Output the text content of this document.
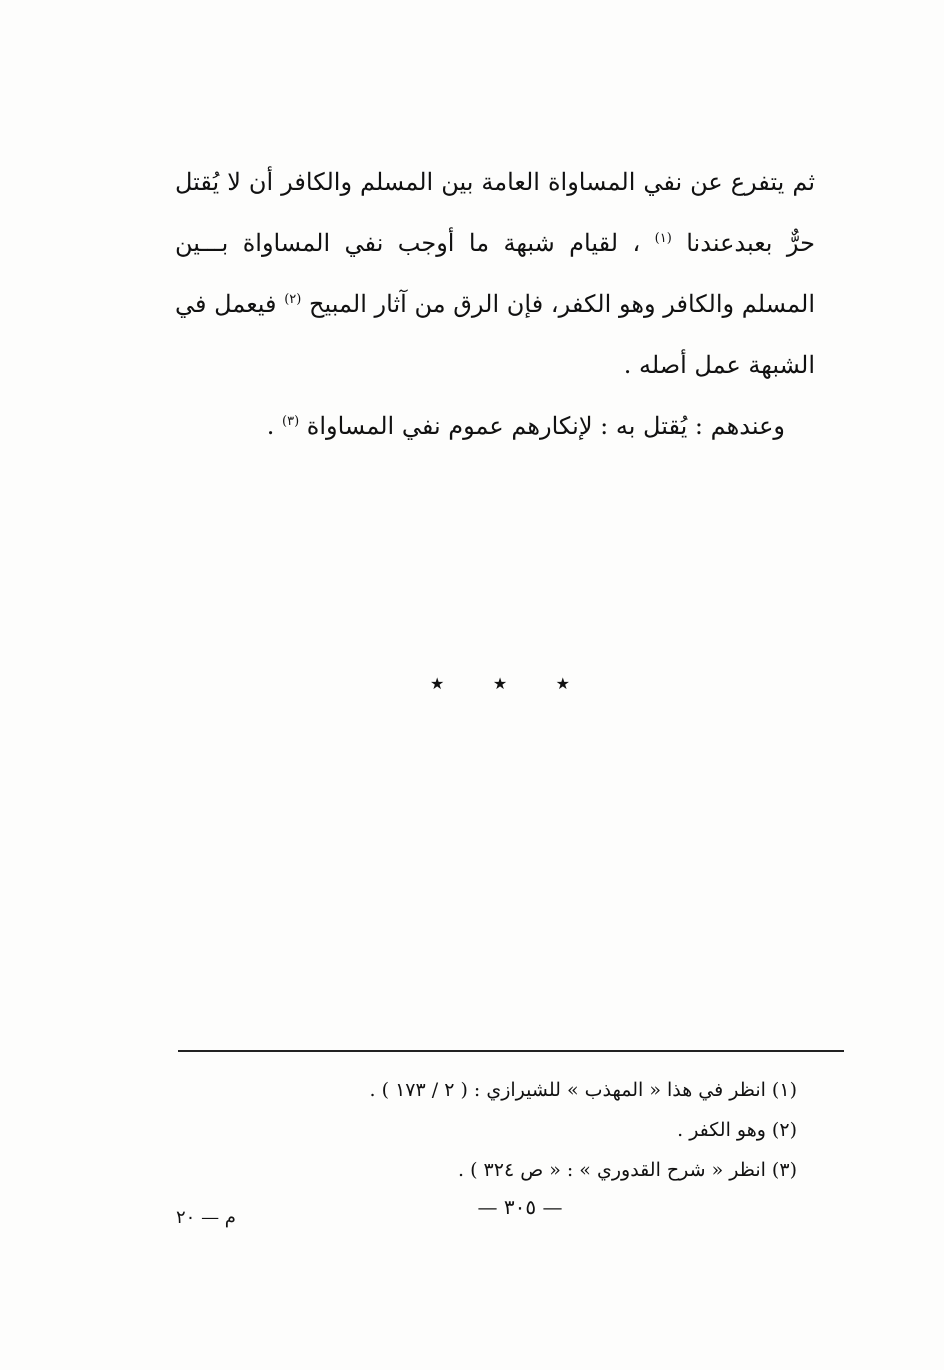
ثم يتفرع عن نفي المساواة العامة بين المسلم والكافر أن لا يُقتل حرٌّ بعبدعندنا $^{(١)}$ ، لقيام شبهة ما أوجب نفي المساواة بـــين المسلم والكافر وهو الكفر، فإن الرق من آثار المبيح $^{(٢)}$ فيعمل في الشبهة عمل أصله .

وعندهم : يُقتل به : لإنكارهم عموم نفي المساواة $^{(٣)}$ .

★	★	★
(١) انظر في هذا « المهذب » للشيرازي : ( ٢ / ١٧٣ ) .
(٢) وهو الكفر .
(٣) انظر « شرح القدوري » : « ص ٣٢٤ ) .
— ٣٠٥ —
م — ٢٠
